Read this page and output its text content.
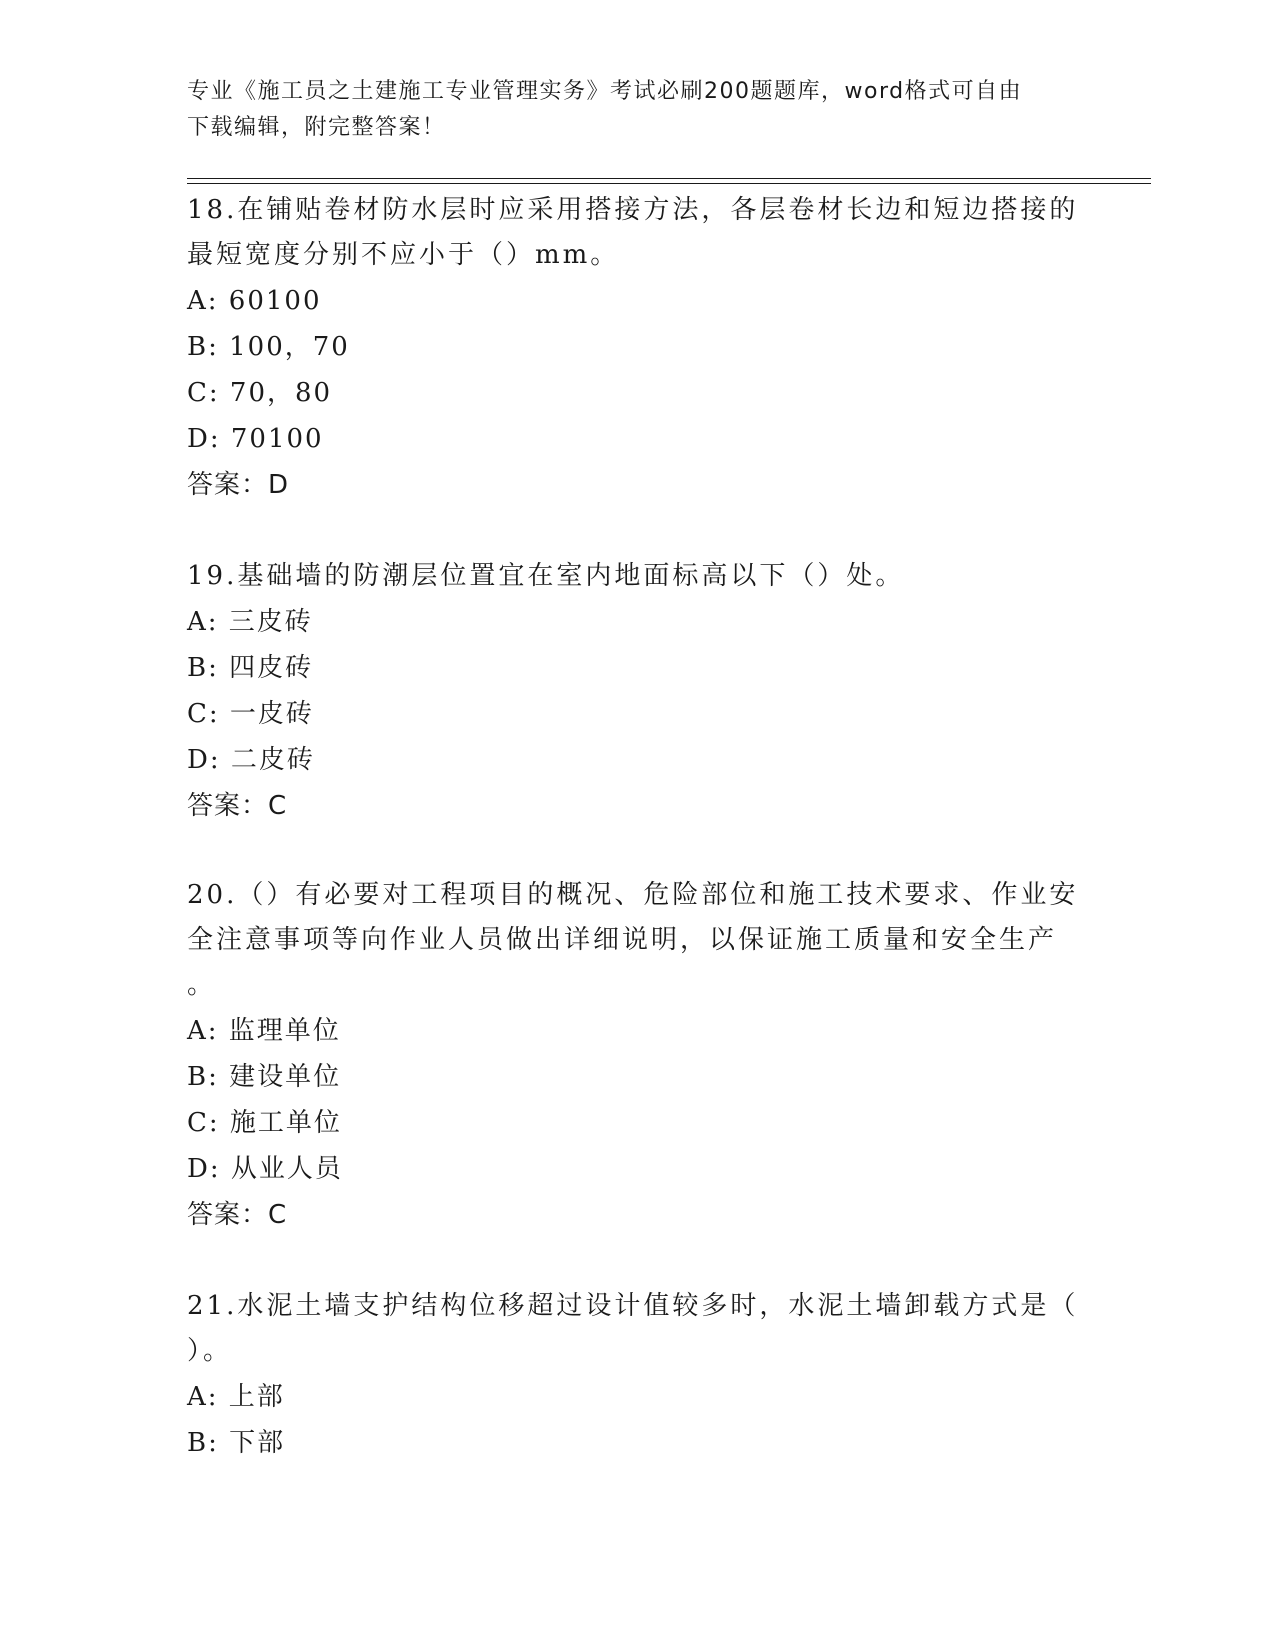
专业《施工员之土建施工专业管理实务》考试必刷200题题库，word格式可自由
下载编辑，附完整答案！
18.在铺贴卷材防水层时应采用搭接方法，各层卷材长边和短边搭接的
最短宽度分别不应小于（）mm。
A: 60100
B: 100，70
C: 70，80
D: 70100
答案：D
19.基础墙的防潮层位置宜在室内地面标高以下（）处。
A: 三皮砖
B: 四皮砖
C: 一皮砖
D: 二皮砖
答案：C
20.（）有必要对工程项目的概况、危险部位和施工技术要求、作业安
全注意事项等向作业人员做出详细说明，以保证施工质量和安全生产
。
A: 监理单位
B: 建设单位
C: 施工单位
D: 从业人员
答案：C
21.水泥土墙支护结构位移超过设计值较多时，水泥土墙卸载方式是（
）。
A: 上部
B: 下部
